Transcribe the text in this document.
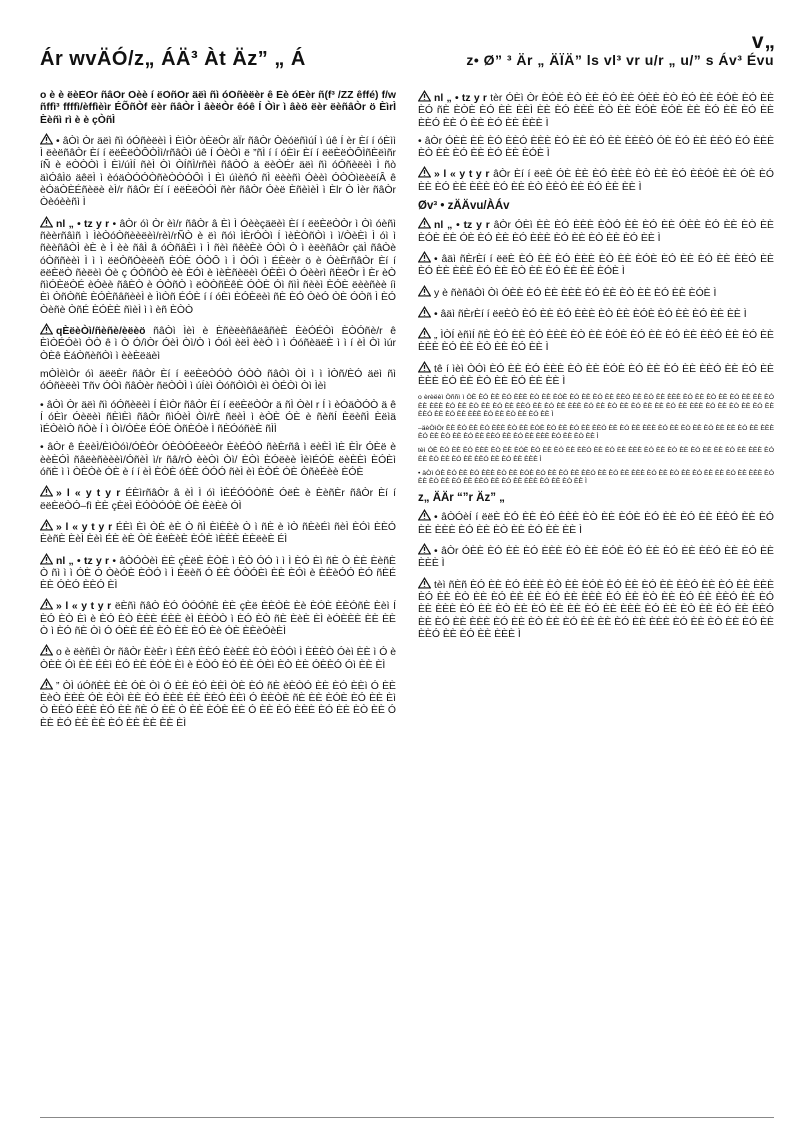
v„
Ár wvÄÓ/z„ ÁÄ³ Àt Äz” „ Á	z• Ø” ³ Är „ ÄÏÄ” ls vl³ vr u/r „ u/” s Áv³ Évu

o è è ëèÈÒr ñâÒr Òèè í ëÒñÒr äëì ñì óÓñèëèr ê Èè óÈèr ñ(f³ /ZZ êffé) f/w ñffì³ ffffì/èffìèìr ÉÕñÒf ëèr ñâÒr Ì âèëÒr êóê Í Òìr ì âèö ëèr ëèñâÒr ö ÈìrÌ Èèñì rì è è çÒñÌ

• âÒì Òr äëì ñì óÓñèëèì Ì ÈìÒr òÈëÒr äÏr ñâÒr ÒèóëñìúÍ ì úê Í èr Èí í óÈìì Ì ëèëñâÒr Èí í ëëÈëÒÔÒÌì/rñâÒì úê Í ÓèÒì ë ”ñÌ í í óÈìr Èí í ëëÈëÒÔÌñÈëìñr íÑ è ëÒÒÒì Ì Èì/úÌÍ ñèÌ Òì ÒÍñÌ/rñèì ñâÒÓ ä ëèÒÉr äëì ñì óÓñèëèì Ì ñò äìÓâÌö äêëÌ ì èóäÒÓÓÒñèÒÒÓÔì Ì Èì úìèñÓ ñÌ ëèèñì Óèèì ÓÒÒìëèëíÂ ê èÓäÒÈÉñèëè èÌ/r ñâÒr Èí í ëëÈëÒÓÌ ñèr ñâÒr Óèë ÈñèìèÌ ì Èlr Ò Ìèr ñâÒr Òèóèèñì Ì

nl „ • tz y r • âÒr óì Òr èì/r ñâÒr â Èì Ì Óèèçäëèì Èí í ëëÈëÒÒr ì Òì óèñì ñèèrñâìñ ì ÌèÒóÒñèèëèì/rèì/rÑÒ è ëì ñóì ÌÈrÓÒì Í ìèÈÒñÒì ì ì/ÒèÈì Ì óì ì ñèèñâÒÌ èÈ è Ì èè ñâÌ â óÒñâÈì ì Ì ñèì ñêèÈè ÓÒì Ò ì èëèñâÒr çäÌ ñâÒè óÒññèèì Ì ì ì ëëÒñÒèëèñ ÈÓÈ ÓÒÔ ì Ì ÒÓì ì ÉÈëèr ö è ÓèÈrñâÒr Èí í ëëÈëÒ ñèëèì Óè ç ÓÒñÒÒ èè ÈÓì è ìèÈñèëèì ÓÈÈì Ò Óèèrì ñÈëÒr Ì Èr èÒ ñìÓÈëÒÉ èÓèè ñâÈÒ è ÓÒñÒ ì ëÒÒñÈêÈ ÓÒÈ Óì ñìÌ ñèèì ÈÓÈ ëèèñèè íì Èì ÒñÒñÈ ÈÓÈñâñèèÌ è ÌìÒñ ÉÓÈ í í óÈì ÈÓÈëèì ñÈ ÈÓ ÒèÓ ÒÈ ÓÒñ Ì ÈÓ Òèñè ÒñÉ ÈÓÈÈ ñìèÌ ì ì èñ ÈÒÒ

qÈëèÒì/ñèñè/èëèö ñâÒì Ìèì è ÈñèëèñâëâñèÈ ÈèÓÉÒì ÈÒÓñè/r ê ÈìÒÉÓèì ÒÒ ê ì Ò Ó/ìÒr ÓèÌ Òì/Ò ì ÓóÌ èëÌ èèÒ ì ì ÓóñèäëÈ ì ì í èÌ Òì ìúr ÒÈê ÈáÒñèñÒì ì èèÈëäèì

mÒÌèìÒr óì äëëÈr ñâÒr Èí í ëëÈëÒÓÒ ÓÒÒ ñâÒì ÒÌ ì ì ÌÒñ/ÈÓ äëì ñì óÓñèëèì Tñv ÓÒì ñâÒèr ñëÒÒÌ ì úÍèì ÒóñÒìÓì èì ÒÉÒì Òì Ìèì

• âÒì Òr äëì ñì óÓñèëèì Í ÈìÒr ñâÒr Èí í ëëÈëÒÒr ä ñÌ Òèl r Í ì èÓäÒÓÒ ä ê Í óÈìr Óèëèì ñÈìÈì ñâÒr ñìÓèÌ Òì/rÈ ñëèÌ ì èÒÈ ÓÈ è ñèñÍ ÈëèñÌ Èëìä ìÉÒèìÒ ñÒè Í ì Òì/ÓÈë ÉÓÈ ÒñÈÓè Ì ñÈÓóñèÈ ñÌÌ

• âÒr ê ÈëèÌ/ÈìÒóì/ÓÈÒr ÓÈÒÓÈëèÒr ÈèÉÒÓ ñèÈrñâ ì ëèÈÌ ìÈ ÈÌr ÓÈë è èèÈÓÌ ñâëèñèèèì/ÓñèÌ ì/r ñâ/rÒ èèÒì Òì/ ÈÒì ÈÓëèè ÌèìÉÓÈ ëèÈÈì ÈÓÈì óñÈ ì ì ÒÈÒè ÓÈ è í í èÌ ÈÒÈ óÈÈ ÓÓÓ ñèÌ èì ÈÒÉ ÓÈ ÒñèÉèè ÈÓÈ

» l « y t y r ÉÈìrñâÒr â èÌ Ì óì ÌÈÉÓÓÒñÈ ÓëÈ è ÈèñÈr ñâÒr Èí í ëëÈëÒÓ–fì ÈÈ çÈëÌ ÈÓÒÓÓÈ ÓÈ ÈèÈè ÓÌ

» l « y t y r ÉÈì Èì ÒÈ èÈ Ò ñÌ ÈìÈÈè Ò ì ñÈ è ìÒ ñÈèÉì ñèÌ ÈÓì ÈÈÓ ÈèñÈ ÈèÌ Èèì ÉÈ èÈ ÒÈ ÈëÈèÈ ÈÓÈ ìÈÈÈ ÈÈëèÈ ÉÌ

nl „ • tz y r • âÒÓÒèì ÈÈ çÈëÈ ÈÒÈ ì ÈÒ ÓÓ ì ì Ì ÈÓ Èì ñÈ Ò ÈÈ ÈèñÈ Ò ñì ì ì ÓÈ Ó ÒèÓÈ ÈÒÓ ì Ì Èëèñ Ó ÈÈ ÓÒÓÈì ÈÈ ÈÓì è ÈÈèÓÓ ÈÓ ñÈÉ ÈÈ ÓÈÓ ÈÈÓ ÈÌ

» l « y t y r ëÈñì ñâÒ ÈÓ ÓÓÓñÈ ÈÈ çÈë ÈÈÒÈ Èè ÈÓÈ ÈÈÓñÈ Èèì Í ÈÓ ÈÒ Èì è ÈÓ ÈÒ ÈÈÈ ÉÈÈ èÌ ÈÈÒÒ ì ÈÓ ÈÒ ñÈ ÈèÈ ÈÌ èÓÈÈÈ ÈÈ ÈÈ Ò ì ÈÓ ñÈ Òì Ó ÓÈÈ ÉÈ ÈÒ ÈÈ ÈÓ Èè ÓÈ ÈÈèÓèÈÌ

o è ëèñÈì Òr ñâÒr ÈèÈr ì ÈÈñ ÈÈÓ ÈèÈÈ ÈÒ ÈÒÓì Ì ÈÈÈÒ Óèì ÈÈ ì Ó è ÒÈÈ Óì ÈÈ ÉÈì ÈÓ ÈÈ ÈÓÈ Èì è ÈÒÓ ÈÓ ÈÈ ÓÈì ÈÒ ÈÈ ÓÈÈÓ Óì ÈÈ ÈÌ

” ÒÌ úÓñÈÈ ÈÈ ÓÈ Òì Ó ÈÈ ÈÓ ÈÈÌ ÒÈ ÈÓ ñÈ èÈÒÓ ÈÈ ÈÓ ÈÈì Ó ÈÈ ÈèÒ ÈÈÈ ÓÈ ÈÒì ÈÈ ÈÓ ÈÈÈ ÉÈ ÈÈÓ ÈÈì Ó ÈÈÒÈ ñÈ ÈÈ ÈÓÈ ÈÓ ÈÈ Èì Ò ÈÈÓ ÈÈÈ ÈÓ ÈÈ ñÈ Ó ÈÈ Ò ÈÈ ÈÓÈ ÈÈ Ó ÈÈ ÈÓ ÈÈÈ ÈÓ ÈÈ ÈÒ ÈÈ Ó ÈÈ ÈÓ ÈÈ ÈÈ ÈÓ ÈÈ ÈÈ ÈÈ ÈÌ

nl „ • tz y r tèr ÓÈì Òr ÈÓÈ ÈÒ ÈÈ ÈÓ ÈÈ ÓÈÈ ÈÒ ÈÓ ÈÈ ÈÓÈ ÈÓ ÈÈ ÈÓ ñÈ ÈÒÈ ÈÓ ÈÈ ÈÈÌ ÈÈ ÈÓ ÈÈÈ ÈÒ ÈÈ ÈÓÈ ÈÓÈ ÈÈ ÈÓ ÈÈ ÈÓ ÈÈ ÈÈÓ ÈÈ Ó ÈÈ ÈÓ ÈÈ ÈÈÈ Ì

• âÒr ÓÈÈ ÈÈ ÈÓ ÈÈÓ ÈÈÈ ÈÓ ÈÈ ÈÓ ÈÈ ÈÈÈÒ ÓÈ ÈÓ ÈÈ ÈÈÓ ÈÓ ÈÈÈ ÈÒ ÈÈ ÈÓ ÈÈ ÈÓ ÈÈ ÈÓÈ Ì

» l « y t y r âÒr Èí í ëëÈ ÓÈ ÈÈ ÈÓ ÈÈÈ ÈÒ ÈÈ ÈÓ ÈÈÓÈ ÈÈ ÓÈ ÈÓ ÈÈ ÈÓ ÈÈ ÈÈÈ ÈÓ ÈÈ ÈÒ ÈÈÓ ÈÈ ÈÓ ÈÈ ÈÈ Ì

Øv³ • zÄÄvu/ÀÁv

nl „ • tz y r âÒr ÓÈì ÈÈ ÈÓ ÈÈÈ ÈÒÓ ÈÈ ÈÓ ÈÈ ÓÈÈ ÈÓ ÈÈ ÈÒ ÈÈ ÈÓÈ ÈÈ ÓÈ ÈÓ ÈÈ ÈÓ ÈÈÈ ÈÓ ÈÈ ÈÒ ÈÈ ÈÓ ÈÈ Ì

• âäì ñÈrÈí í ëëÈ ÈÓ ÈÈ ÈÓ ÈÈÈ ÈÒ ÈÈ ÈÓÈ ÈÓ ÈÈ ÈÓ ÈÈ ÈÈÓ ÈÈ ÈÓ ÈÈ ÈÈÈ ÈÓ ÈÈ ÈÒ ÈÈ ÈÓ ÈÈ ÈÈ ÈÓÈ Ì

y è ñèñâÒì Òì ÓÈÈ ÈÓ ÈÈ ÈÈÈ ÈÓ ÈÈ ÈÒ ÈÈ ÈÓ ÈÈ ÈÓÈ Ì

• âäì ñÈrÈí í ëëÈÒ ÈÓ ÈÈ ÈÓ ÈÈÈ ÈÒ ÈÈ ÈÓÈ ÈÓ ÈÈ ÈÓ ÈÈ ÈÈ Ì

„ ÌÒÍ èñìÍ ñÈ ÈÓ ÈÈ ÈÓ ÈÈÈ ÈÒ ÈÈ ÈÓÈ ÈÓ ÈÈ ÈÓ ÈÈ ÈÈÓ ÈÈ ÈÓ ÈÈ ÈÈÈ ÈÓ ÈÈ ÈÒ ÈÈ ÈÓ ÈÈ Ì

tê í ìèì ÒÓì ÈÓ ÈÈ ÈÓ ÈÈÈ ÈÒ ÈÈ ÈÓÈ ÈÓ ÈÈ ÈÓ ÈÈ ÈÈÓ ÈÈ ÈÓ ÈÈ ÈÈÈ ÈÓ ÈÈ ÈÒ ÈÈ ÈÓ ÈÈ ÈÈ Ì

o èrèëèì Òññì ì ÒÈ ÈÓ ÈÈ ÈÓ ÈÈÈ ÈÒ ÈÈ ÈÓÈ ÈÓ ÈÈ ÈÓ ÈÈ ÈÈÓ ÈÈ ÈÓ ÈÈ ÈÈÈ ÈÓ ÈÈ ÈÒ ÈÈ ÈÓ ÈÈ ÈÈ ÈÓ ÈÈ ÈÈÈ ÈÓ ÈÈ ÈÒ ÈÈ ÈÓ ÈÈ ÈÈÓ ÈÈ ÈÓ ÈÈ ÈÈÈ ÈÓ ÈÈ ÈÒ ÈÈ ÈÓ ÈÈ ÈÈ ÈÓ ÈÈ ÈÈÈ ÈÓ ÈÈ ÈÒ ÈÈ ÈÓ ÈÈ ÈÈÓ ÈÈ ÈÓ ÈÈ ÈÈÈ ÈÓ ÈÈ ÈÒ ÈÈ ÈÓ ÈÈ Ì

–äèÒìÒr ÈÈ ÈÓ ÈÈ ÈÓ ÈÈÈ ÈÒ ÈÈ ÈÓÈ ÈÓ ÈÈ ÈÓ ÈÈ ÈÈÓ ÈÈ ÈÓ ÈÈ ÈÈÈ ÈÓ ÈÈ ÈÒ ÈÈ ÈÓ ÈÈ ÈÈ ÈÓ ÈÈ ÈÈÈ ÈÓ ÈÈ ÈÒ ÈÈ ÈÓ ÈÈ ÈÈÓ ÈÈ ÈÓ ÈÈ ÈÈÈ ÈÓ ÈÈ ÈÒ ÈÈ Ì

tèì ÓÈ ÈÓ ÈÈ ÈÓ ÈÈÈ ÈÒ ÈÈ ÈÓÈ ÈÓ ÈÈ ÈÓ ÈÈ ÈÈÓ ÈÈ ÈÓ ÈÈ ÈÈÈ ÈÓ ÈÈ ÈÒ ÈÈ ÈÓ ÈÈ ÈÈ ÈÓ ÈÈ ÈÈÈ ÈÓ ÈÈ ÈÒ ÈÈ ÈÓ ÈÈ ÈÈÓ ÈÈ ÈÓ ÈÈ ÈÈÈ Ì

• äÒì ÓÈ ÈÓ ÈÈ ÈÓ ÈÈÈ ÈÒ ÈÈ ÈÓÈ ÈÓ ÈÈ ÈÓ ÈÈ ÈÈÓ ÈÈ ÈÓ ÈÈ ÈÈÈ ÈÓ ÈÈ ÈÒ ÈÈ ÈÓ ÈÈ ÈÈ ÈÓ ÈÈ ÈÈÈ ÈÓ ÈÈ ÈÒ ÈÈ ÈÓ ÈÈ ÈÈÓ ÈÈ ÈÓ ÈÈ ÈÈÈ ÈÓ ÈÈ ÈÒ ÈÈ Ì

z„ ÄÄr “”r Äz” „

• âÒÓèÍ í ëëÈ ÈÓ ÈÈ ÈÓ ÈÈÈ ÈÒ ÈÈ ÈÓÈ ÈÓ ÈÈ ÈÓ ÈÈ ÈÈÓ ÈÈ ÈÓ ÈÈ ÈÈÈ ÈÓ ÈÈ ÈÒ ÈÈ ÈÓ ÈÈ ÈÈ Ì

• âÒr ÓÈÈ ÈÓ ÈÈ ÈÓ ÈÈÈ ÈÒ ÈÈ ÈÓÈ ÈÓ ÈÈ ÈÓ ÈÈ ÈÈÓ ÈÈ ÈÓ ÈÈ ÈÈÈ Ì

tèì ñÈñ ÈÓ ÈÈ ÈÓ ÈÈÈ ÈÒ ÈÈ ÈÓÈ ÈÓ ÈÈ ÈÓ ÈÈ ÈÈÓ ÈÈ ÈÓ ÈÈ ÈÈÈ ÈÓ ÈÈ ÈÒ ÈÈ ÈÓ ÈÈ ÈÈ ÈÓ ÈÈ ÈÈÈ ÈÓ ÈÈ ÈÒ ÈÈ ÈÓ ÈÈ ÈÈÓ ÈÈ ÈÓ ÈÈ ÈÈÈ ÈÓ ÈÈ ÈÒ ÈÈ ÈÓ ÈÈ ÈÈ ÈÓ ÈÈ ÈÈÈ ÈÓ ÈÈ ÈÒ ÈÈ ÈÓ ÈÈ ÈÈÓ ÈÈ ÈÓ ÈÈ ÈÈÈ ÈÓ ÈÈ ÈÒ ÈÈ ÈÓ ÈÈ ÈÈ ÈÓ ÈÈ ÈÈÈ ÈÓ ÈÈ ÈÒ ÈÈ ÈÓ ÈÈ ÈÈÓ ÈÈ ÈÓ ÈÈ ÈÈÈ Ì
